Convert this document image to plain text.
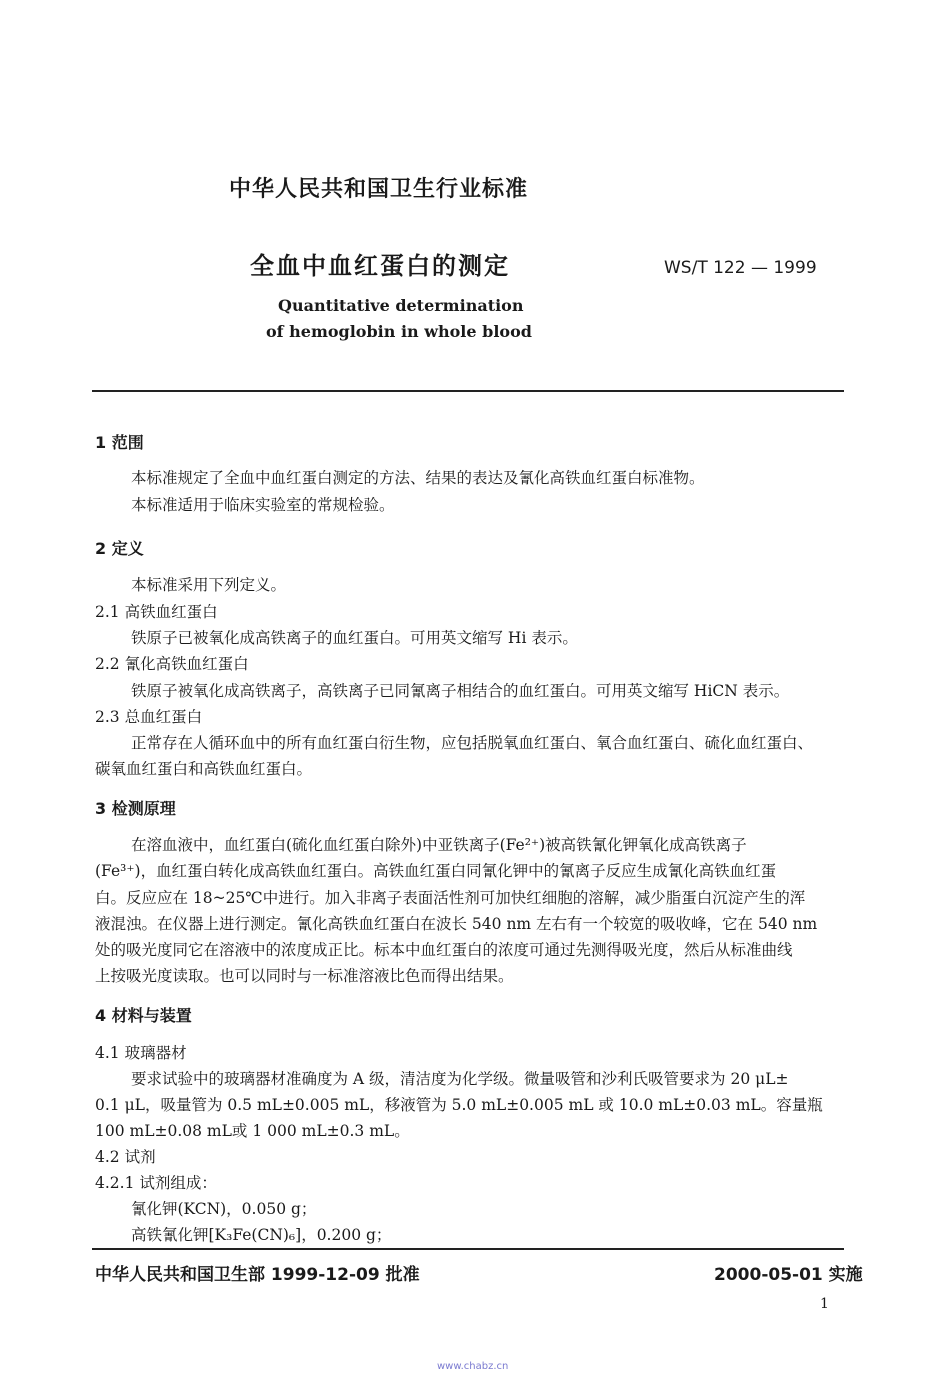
中华人民共和国卫生行业标准
全血中血红蛋白的测定	WS/T 122 — 1999
Quantitative determination
of hemoglobin in whole blood
1 范围
本标准规定了全血中血红蛋白测定的方法、结果的表达及氰化高铁血红蛋白标准物。
本标准适用于临床实验室的常规检验。
2 定义
本标准采用下列定义。
2.1 高铁血红蛋白
铁原子已被氧化成高铁离子的血红蛋白。可用英文缩写 Hi 表示。
2.2 氰化高铁血红蛋白
铁原子被氧化成高铁离子，高铁离子已同氰离子相结合的血红蛋白。可用英文缩写 HiCN 表示。
2.3 总血红蛋白
正常存在人循环血中的所有血红蛋白衍生物，应包括脱氧血红蛋白、氧合血红蛋白、硫化血红蛋白、
碳氧血红蛋白和高铁血红蛋白。
3 检测原理
在溶血液中，血红蛋白(硫化血红蛋白除外)中亚铁离子(Fe²⁺)被高铁氰化钾氧化成高铁离子
(Fe³⁺)，血红蛋白转化成高铁血红蛋白。高铁血红蛋白同氰化钾中的氰离子反应生成氰化高铁血红蛋
白。反应应在 18~25℃中进行。加入非离子表面活性剂可加快红细胞的溶解，减少脂蛋白沉淀产生的浑
液混浊。在仪器上进行测定。氰化高铁血红蛋白在波长 540 nm 左右有一个较宽的吸收峰，它在 540 nm
处的吸光度同它在溶液中的浓度成正比。标本中血红蛋白的浓度可通过先测得吸光度，然后从标准曲线
上按吸光度读取。也可以同时与一标准溶液比色而得出结果。
4 材料与装置
4.1 玻璃器材
要求试验中的玻璃器材准确度为 A 级，清洁度为化学级。微量吸管和沙利氏吸管要求为 20 μL±
0.1 μL，吸量管为 0.5 mL±0.005 mL，移液管为 5.0 mL±0.005 mL 或 10.0 mL±0.03 mL。容量瓶
100 mL±0.08 mL或 1 000 mL±0.3 mL。
4.2 试剂
4.2.1 试剂组成：
氰化钾(KCN)，0.050 g；
高铁氰化钾[K₃Fe(CN)₆]，0.200 g；
中华人民共和国卫生部 1999-12-09 批准	2000-05-01 实施
1
www.chabz.cn
